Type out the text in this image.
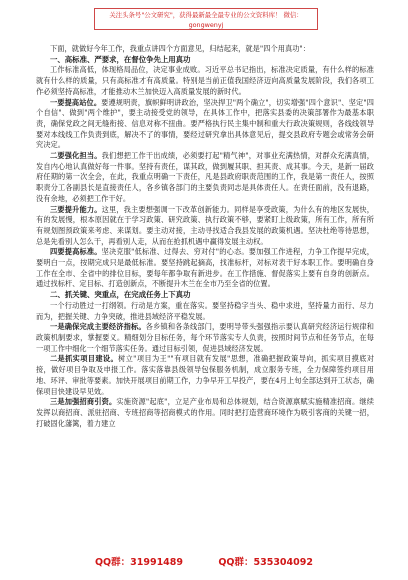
关注头条号"公文研究"，获得最新最全最专业的公文资料库！ 微信：gongwenyj

下面，就做好今年工作，我重点讲四个方面意见，归结起来，就是"四个用真功"：

一、高标准、严要求，在督位争先上用真功

工作标准高低，体现格局品位，决定事业成败。习近平总书记指出，标准决定质量，有什么样的标准就有什么样的质量，只有高标准才有高质量。特别是当前正值我国经济迈向高质量发展阶段，我们各项工作必须坚持高标准，才能推动木兰加快迈入高质量发展的新时代。

一要提高站位。要遵规明责，旗帜鲜明讲政治，坚决捍卫"两个确立"，切实增强"四个意识"、坚定"四个自信"、做到"两个维护"，要主动接受党的领导，在具体工作中，把落实县委的决策部署作为最基本职责，确保党政之间无缝衔接、信息对称不扭曲。要严格执行民主集中制和重大行政决策规则，各线线领导要对本线线工作负责到底，解决不了的事情，要经过研究拿出具体意见后，提交县政府专题会或常务会研究决定。

二要强化担当。我们想把工作干出成绩，必须要打起"精气神"，对事业充满热情，对群众充满真情，发自内心地认真做好每一件事。坚持有责任，谋其政，做到履其职、担其责、成其事。今天，是新一届政府任期的第一次全会，在此，我重点明确一下责任，凡是县政府职责范围的工作，我是第一责任人，按照职责分工各副县长是直接责任人，各乡镇各部门的主要负责同志是具体责任人。在责任面前，没有退路，没有余地，必须把工作干好。

三要提升能力。这里，我主要想强调一下改革创新能力。同样是享受政策，为什么有的地区发展快，有的发展慢，根本原因就在于学习政策、研究政策、执行政策不够，要紧盯上级政策，所有工作，所有所有规划图预政策来考虑、来谋划。要主动对接，主动寻找适合我县发展的政策机遇。坚决杜绝等待思想，总是先看别人怎么干，再看别人走，从而在抢抓机遇中赢得发展主动权。

四要提高标准。坚决克服"低标准、过得去、穷对付"的心态。要加强工作进程，力争工作提早完成，要明白一点，按期完成只是最低标准。要坚持跳起摘高，找准标杆，对标对表干好本职工作。要明确自身工作在全市、全省中的排位目标，要每年都争取有新进步。在工作措施、督促落实上要有自身的创新点。通过找标杆、定目标、打造创新点，不断提升木兰在全市乃至全省的位置。

二、抓关键、突重点，在完成任务上下真功

一个行动胜过一打纲领。行动是方案，重在落实。要坚持稳字当头、稳中求进，坚持量力而行、尽力而为，把握关键、力争突破，推进县域经济平稳发展。

一是确保完成主要经济指标。各乡镇和各条线部门，要明导带头强强指示要认真研究经济运行规律和政策机制要求，掌握要义。精细划分目标任务，每个环节落实专人负责，按照时间节点和任务节点，在每一项工作中细化一个细节落实任务。通过目标引领，促进县域经济发展。

二是抓实项目建设。树立"项目为王""有项目就有发展"思想，准确把握政策导向，抓实项目摸底对接，做好项目争取及申报工作。落实落靠县级领导包保服务机制，成立服务专班，全力保障签约项目用地、环评、审批等要素。加快开展项目前期工作，力争早开工早投产，要在4月上旬全部达到开工状态，确保项目快建设早见效。

三是加强招商引资。实施资源"起底"，立足产业布局和总体规划，结合资源禀赋实施精准招商。继续发挥以商招商、派驻招商、专班招商等招商模式的作用。同时把打造营商环境作为吸引客商的关键一招，打破固化藩篱，着力建立

QQ群：31991489	QQ群：535304092
